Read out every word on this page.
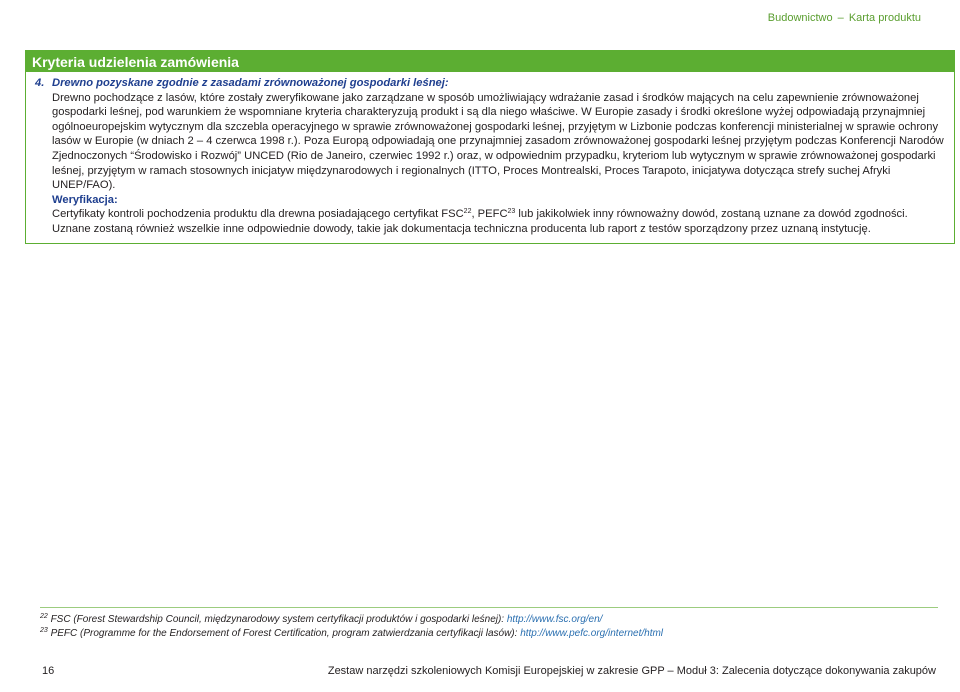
Budownictwo – Karta produktu
Kryteria udzielenia zamówienia
4. Drewno pozyskane zgodnie z zasadami zrównoważonej gospodarki leśnej:

Drewno pochodzące z lasów, które zostały zweryfikowane jako zarządzane w sposób umożliwiający wdrażanie zasad i środków mających na celu zapewnienie zrównoważonej gospodarki leśnej, pod warunkiem że wspomniane kryteria charakteryzują produkt i są dla niego właściwe. W Europie zasady i środki określone wyżej odpowiadają przynajmniej ogólnoeuropejskim wytycznym dla szczebla operacyjnego w sprawie zrównoważonej gospodarki leśnej, przyjętym w Lizbonie podczas konferencji ministerialnej w sprawie ochrony lasów w Europie (w dniach 2 – 4 czerwca 1998 r.). Poza Europą odpowiadają one przynajmniej zasadom zrównoważonej gospodarki leśnej przyjętym podczas Konferencji Narodów Zjednoczonych “Środowisko i Rozwój” UNCED (Rio de Janeiro, czerwiec 1992 r.) oraz, w odpowiednim przypadku, kryteriom lub wytycznym w sprawie zrównoważonej gospodarki leśnej, przyjętym w ramach stosownych inicjatyw międzynarodowych i regionalnych (ITTO, Proces Montrealski, Proces Tarapoto, inicjatywa dotycząca strefy suchej Afryki UNEP/FAO).

Weryfikacja:

Certyfikaty kontroli pochodzenia produktu dla drewna posiadającego certyfikat FSC$^{22}$, PEFC$^{23}$ lub jakikolwiek inny równoważny dowód, zostaną uznane za dowód zgodności. Uznane zostaną również wszelkie inne odpowiednie dowody, takie jak dokumentacja techniczna producenta lub raport z testów sporządzony przez uznaną instytucję.

$^{22}$ FSC (Forest Stewardship Council, międzynarodowy system certyfikacji produktów i gospodarki leśnej): http://www.fsc.org/en/
$^{23}$ PEFC (Programme for the Endorsement of Forest Certification, program zatwierdzania certyfikacji lasów): http://www.pefc.org/internet/html
16	Zestaw narzędzi szkoleniowych Komisji Europejskiej w zakresie GPP – Moduł 3: Zalecenia dotyczące dokonywania zakupów
